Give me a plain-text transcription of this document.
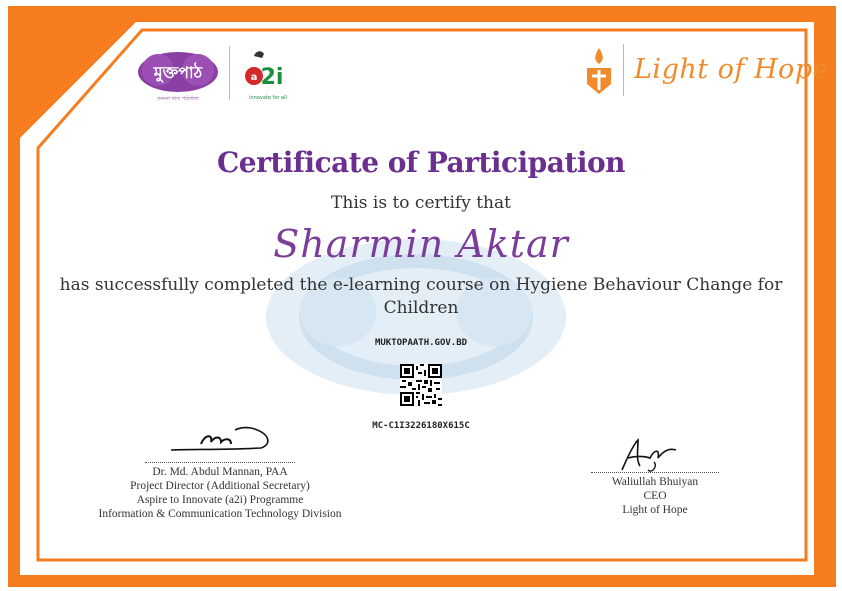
মুক্তপাঠ
জনতা খাত পাঠশালা
a 2i
innovate for all
Light of Hope
Certificate of Participation
This is to certify that
Sharmin Aktar
has successfully completed the e-learning course on Hygiene Behaviour Change for Children
MUKTOPAATH.GOV.BD
MC-C1I3226180X615C
Dr. Md. Abdul Mannan, PAA
Project Director (Additional Secretary)
Aspire to Innovate (a2i) Programme
Information & Communication Technology Division
Waliullah Bhuiyan
CEO
Light of Hope
